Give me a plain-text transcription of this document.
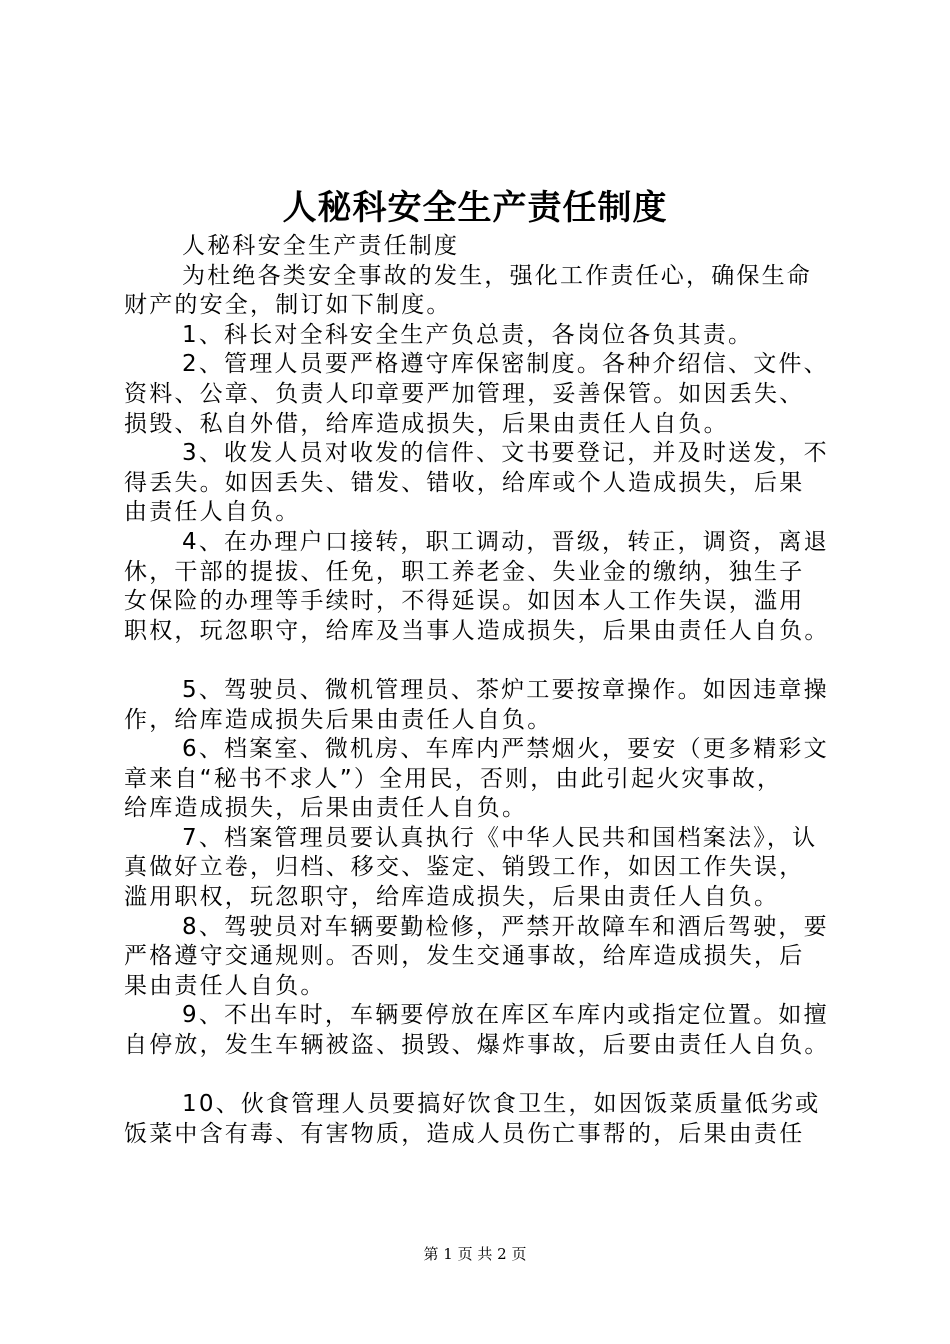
人秘科安全生产责任制度
人秘科安全生产责任制度
为杜绝各类安全事故的发生，强化工作责任心，确保生命
财产的安全，制订如下制度。
1、科长对全科安全生产负总责，各岗位各负其责。
2、管理人员要严格遵守库保密制度。各种介绍信、文件、
资料、公章、负责人印章要严加管理，妥善保管。如因丢失、
损毁、私自外借，给库造成损失，后果由责任人自负。
3、收发人员对收发的信件、文书要登记，并及时送发，不
得丢失。如因丢失、错发、错收，给库或个人造成损失，后果
由责任人自负。
4、在办理户口接转，职工调动，晋级，转正，调资，离退
休，干部的提拔、任免，职工养老金、失业金的缴纳，独生子
女保险的办理等手续时，不得延误。如因本人工作失误，滥用
职权，玩忽职守，给库及当事人造成损失，后果由责任人自负。
5、驾驶员、微机管理员、茶炉工要按章操作。如因违章操
作，给库造成损失后果由责任人自负。
6、档案室、微机房、车库内严禁烟火，要安（更多精彩文
章来自“秘书不求人”）全用民，否则，由此引起火灾事故，
给库造成损失，后果由责任人自负。
7、档案管理员要认真执行《中华人民共和国档案法》，认
真做好立卷，归档、移交、鉴定、销毁工作，如因工作失误，
滥用职权，玩忽职守，给库造成损失，后果由责任人自负。
8、驾驶员对车辆要勤检修，严禁开故障车和酒后驾驶，要
严格遵守交通规则。否则，发生交通事故，给库造成损失，后
果由责任人自负。
9、不出车时，车辆要停放在库区车库内或指定位置。如擅
自停放，发生车辆被盗、损毁、爆炸事故，后要由责任人自负。
10、伙食管理人员要搞好饮食卫生，如因饭菜质量低劣或
饭菜中含有毒、有害物质，造成人员伤亡事帮的，后果由责任
第 1 页 共 2 页
